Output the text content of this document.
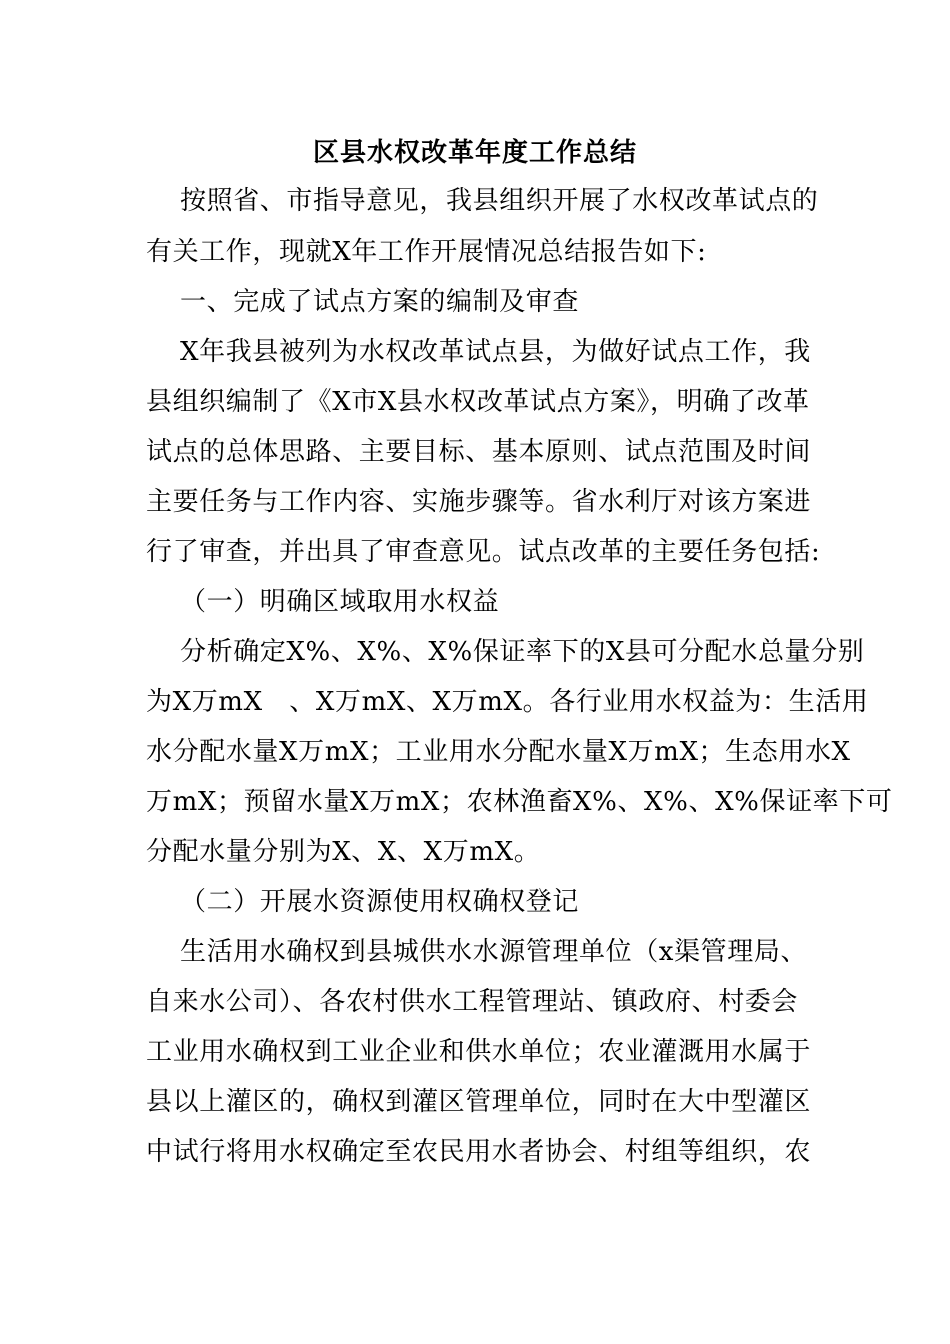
区县水权改革年度工作总结
按照省、市指导意见，我县组织开展了水权改革试点的
有关工作，现就X年工作开展情况总结报告如下:
一、完成了试点方案的编制及审查
X年我县被列为水权改革试点县，为做好试点工作，我
县组织编制了《X市X县水权改革试点方案》，明确了改革
试点的总体思路、主要目标、基本原则、试点范围及时间
主要任务与工作内容、实施步骤等。省水利厅对该方案进
行了审查，并出具了审查意见。试点改革的主要任务包括:
（一）明确区域取用水权益
分析确定X%、X%、X%保证率下的X县可分配水总量分别
为X万mX　、X万mX、X万mX。各行业用水权益为：生活用
水分配水量X万mX；工业用水分配水量X万mX；生态用水X
万mX；预留水量X万mX；农林渔畜X%、X%、X%保证率下可
分配水量分别为X、X、X万mX。
（二）开展水资源使用权确权登记
生活用水确权到县城供水水源管理单位（x渠管理局、
自来水公司）、各农村供水工程管理站、镇政府、村委会
工业用水确权到工业企业和供水单位；农业灌溉用水属于
县以上灌区的，确权到灌区管理单位，同时在大中型灌区
中试行将用水权确定至农民用水者协会、村组等组织，农
